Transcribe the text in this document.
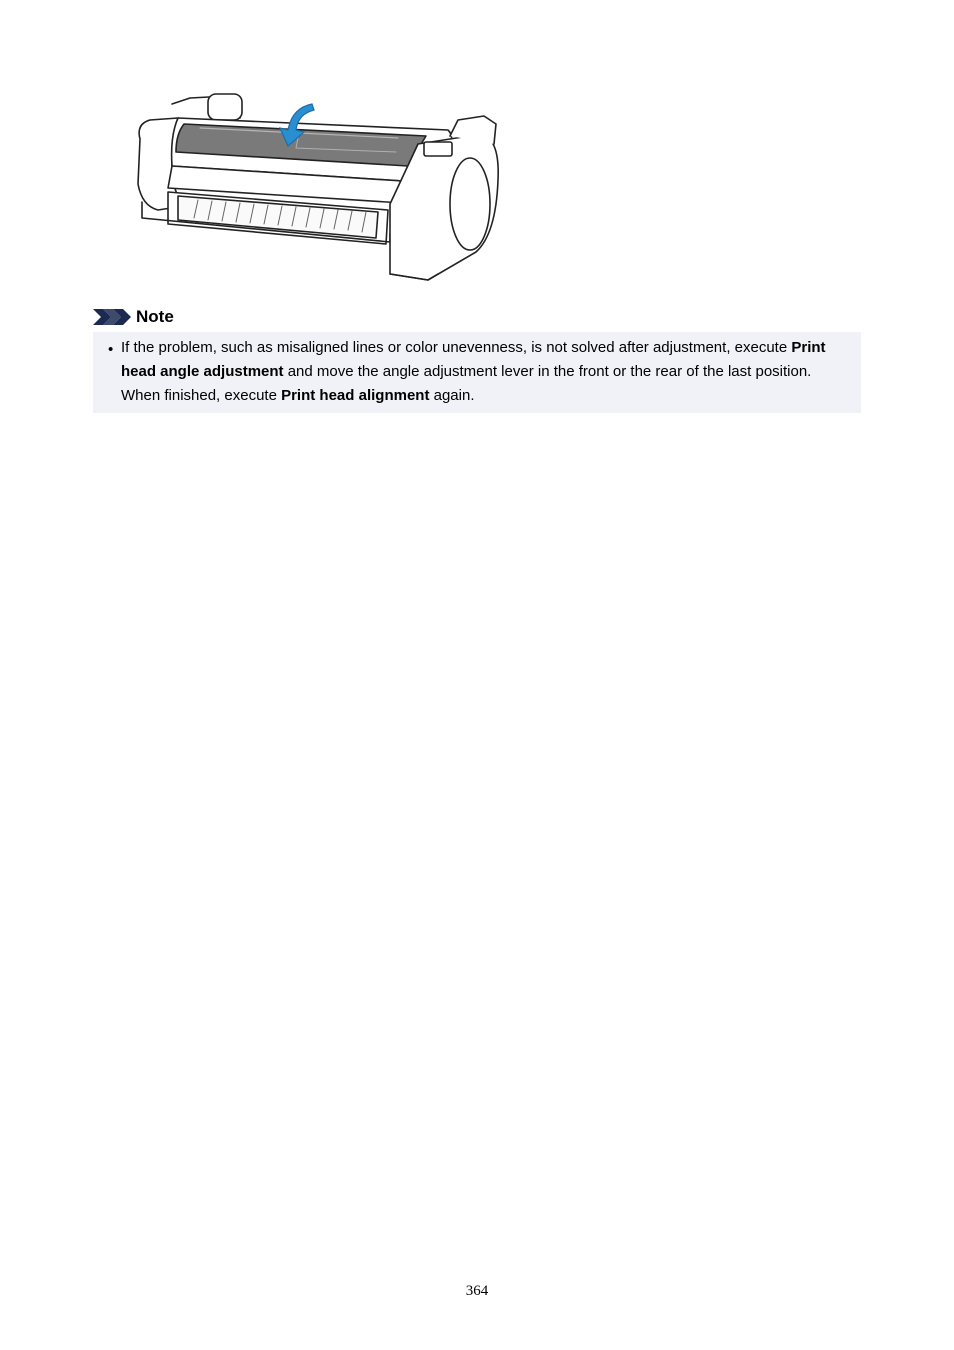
Note
• If the problem, such as misaligned lines or color unevenness, is not solved after adjustment, execute Print head angle adjustment and move the angle adjustment lever in the front or the rear of the last position. When finished, execute Print head alignment again.

364
